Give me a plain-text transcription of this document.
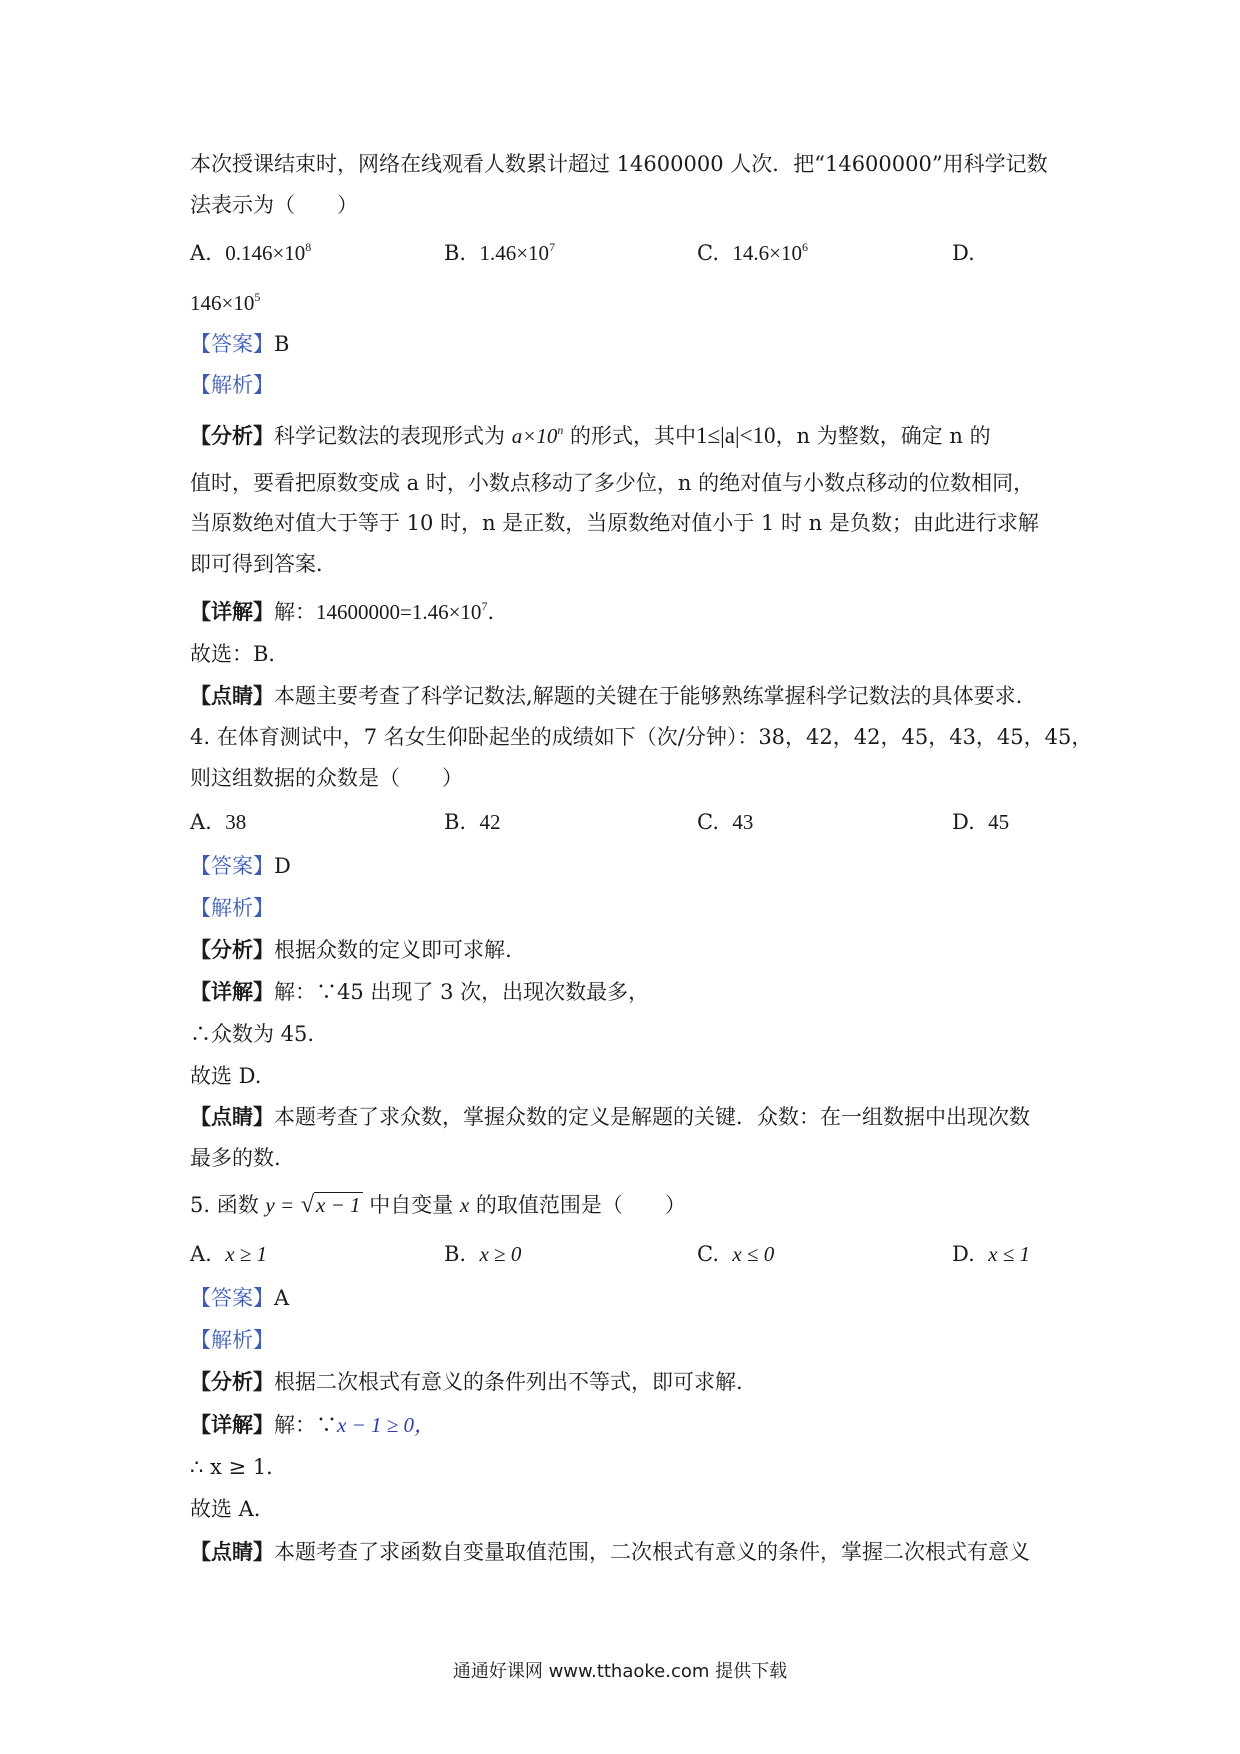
本次授课结束时，网络在线观看人数累计超过 14600000 人次．把“14600000”用科学记数
法表示为（　　）
A. $0.146\times 10^8$	B. $1.46\times 10^7$	C. $14.6\times 10^6$	D.
$146\times 10^5$
【答案】B
【解析】
【分析】科学记数法的表现形式为 $a\times 10^n$ 的形式，其中1≤|a|<10，n 为整数，确定 n 的
值时，要看把原数变成 a 时，小数点移动了多少位，n 的绝对值与小数点移动的位数相同，
当原数绝对值大于等于 10 时，n 是正数，当原数绝对值小于 1 时 n 是负数；由此进行求解
即可得到答案．
【详解】解：$14600000=1.46\times 10^7$．
故选：B．
【点睛】本题主要考查了科学记数法,解题的关键在于能够熟练掌握科学记数法的具体要求.
4. 在体育测试中，7 名女生仰卧起坐的成绩如下（次/分钟）：38，42，42，45，43，45，45，
则这组数据的众数是（　　）
A. 38	B. 42	C. 43	D. 45
【答案】D
【解析】
【分析】根据众数的定义即可求解.
【详解】解：∵45 出现了 3 次，出现次数最多，
∴众数为 45.
故选 D.
【点睛】本题考查了求众数，掌握众数的定义是解题的关键．众数：在一组数据中出现次数
最多的数.
5. 函数 y = √x − 1 中自变量 x 的取值范围是（　　）
A. x ≥ 1	B. x ≥ 0	C. x ≤ 0	D. x ≤ 1
【答案】A
【解析】
【分析】根据二次根式有意义的条件列出不等式，即可求解.
【详解】解：∵x − 1 ≥ 0，
∴ x ≥ 1．
故选 A．
【点睛】本题考查了求函数自变量取值范围，二次根式有意义的条件，掌握二次根式有意义
通通好课网 www.tthaoke.com 提供下载
